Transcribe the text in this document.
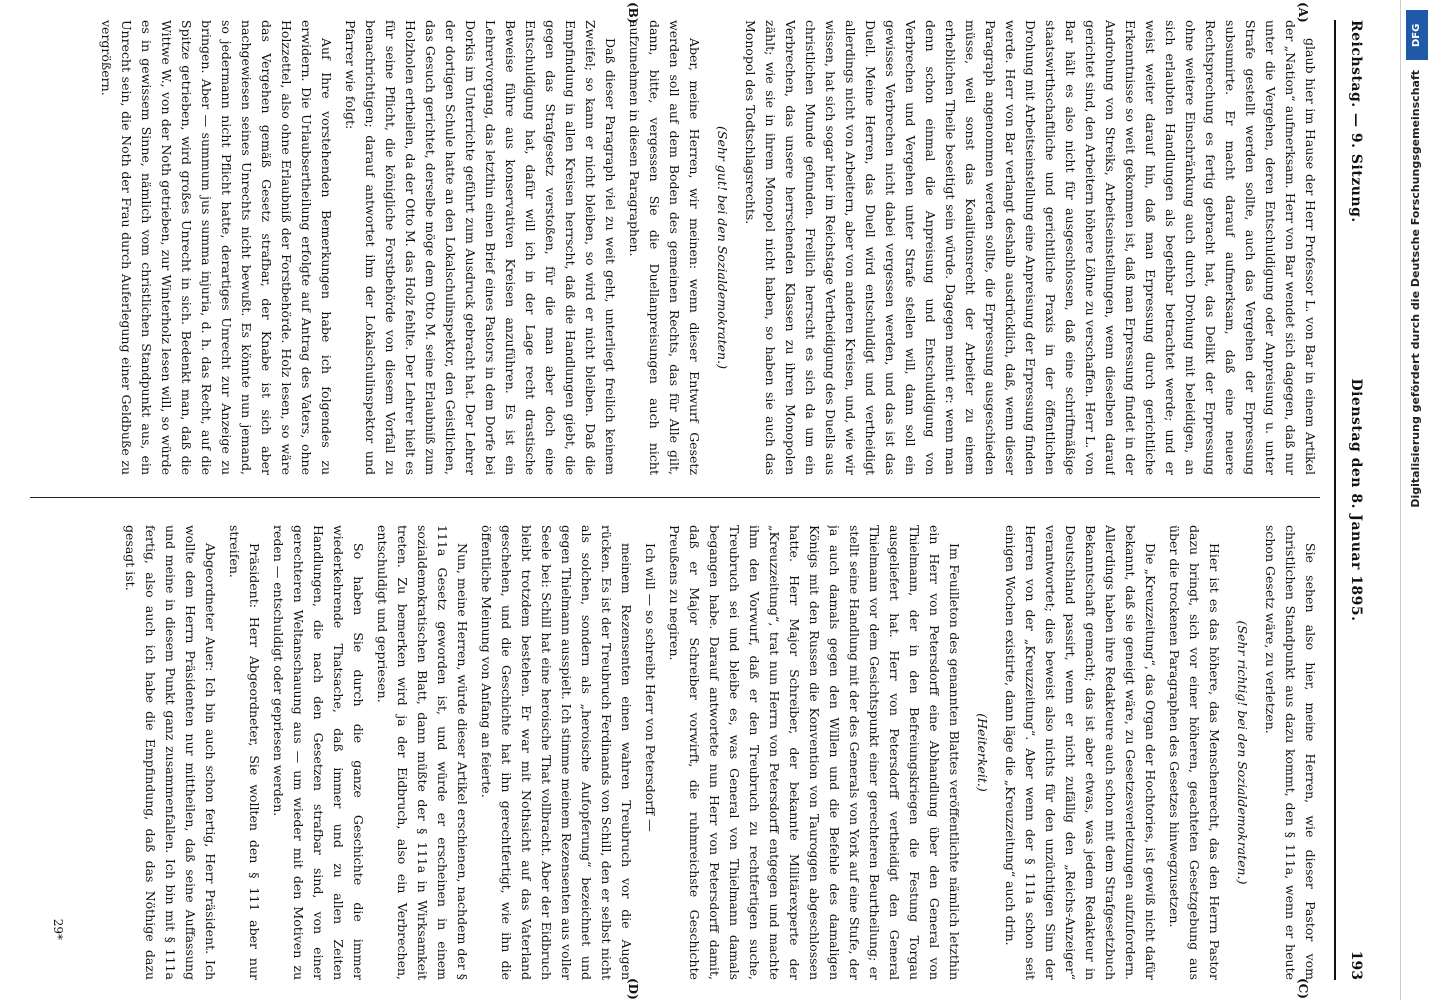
Reichstag. — 9. Sitzung.
Dienstag den 8. Januar 1895.
193
(A)
(B)
(C)
(D)

glaub hier im Hause der Herr Professor L. von Bar in einem Artikel der „Nation“ aufmerksam. Herr von Bar wendet sich dagegen, daß nur unter die Vergehen, deren Entschuldigung oder Anpreisung u. unter Strafe gestellt werden sollte, auch das Vergehen der Erpressung subsumirte. Er macht darauf aufmerksam, daß eine neuere Rechtsprechung es fertig gebracht hat, das Delikt der Erpressung ohne weitere Einschränkung auch durch Drohung mit beleidigen, an sich erlaubten Handlungen als begehbar betrachtet werde; und er weist weiter darauf hin, daß man Erpressung durch gerichtliche Erkenntnisse so weit gekommen ist, daß man Erpressung findet in der Androhung von Streiks, Arbeitseinstellungen, wenn dieselben darauf gerichtet sind, den Arbeitern höhere Löhne zu verschaffen. Herr L. von Bar hält es also nicht für ausgeschlossen, daß eine schriftmäßige staatswirthschaftliche und gerichtliche Praxis in der öffentlichen Drohung mit Arbeitseinstellung eine Anpreisung der Erpressung finden werde. Herr von Bar verlangt deshalb ausdrücklich, daß, wenn dieser Paragraph angenommen werden sollte, die Erpressung ausgeschieden müsse, weil sonst das Koalitionsrecht der Arbeiter zu einem erheblichen Theile beseitigt sein würde. Dagegen meint er: wenn man denn schon einmal die Anpreisung und Entschuldigung von Verbrechen und Vergehen unter Strafe stellen will, dann soll ein gewisses Verbrechen nicht dabei vergessen werden, und das ist das Duell. Meine Herren, das Duell wird entschuldigt und vertheidigt allerdings nicht von Arbeitern, aber von anderen Kreisen, und, wie wir wissen, hat sich sogar hier im Reichstage Vertheidigung des Duells aus christlichen Munde gefunden. Freilich herrscht es sich da um ein Verbrechen, das unsere herrschenden Klassen zu ihren Monopolen zählt; wie sie in ihrem Monopol nicht haben, so haben sie auch das Monopol des Todtschlagsrechts.

(Sehr gut! bei den Sozialdemokraten.)

Aber, meine Herren, wir meinen: wenn dieser Entwurf Gesetz werden soll auf dem Boden des gemeinen Rechts, das für Alle gilt, dann, bitte, vergessen Sie die Duellanpreisungen auch nicht aufzunehmen in diesen Paragraphen.

Daß dieser Paragraph viel zu weit geht, unterliegt freilich keinem Zweifel; so kann er nicht bleiben, so wird er nicht bleiben. Daß die Empfindung in allen Kreisen herrscht, daß die Handlungen giebt, die gegen das Strafgesetz verstoßen, für die man aber doch eine Entschuldigung hat, dafür will ich in der Lage recht drastische Beweise führe aus konservativen Kreisen anzuführen. Es ist ein Lehrervorgang, das letzthin einen Brief eines Pastors in dem Dorfe bei Dorkis im Unterrichte geführt zum Ausdruck gebracht hat. Der Lehrer der dortigen Schule hatte an den Lokalschulinspektor, den Geistlichen, das Gesuch gerichtet, derselbe möge dem Otto M. seine Erlaubniß zum Holzholen ertheilen, da der Otto M. das Holz fehlte. Der Lehrer hielt es für seine Pflicht, die königliche Forstbehörde von diesem Vorfall zu benachrichtigen; darauf antwortet ihm der Lokalschulinspektor und Pfarrer wie folgt:

Auf Ihre vorstehenden Bemerkungen habe ich folgendes zu erwidern. Die Urlaubsertheilung erfolgte auf Antrag des Vaters, ohne Holzzettel, also ohne Erlaubniß der Forstbehörde. Holz lesen, so wäre das Vergehen gemäß Gesetz strafbar, der Knabe ist sich aber nachgewiesen seines Unrechts nicht bewußt. Es könnte nun jemand, so jedermann nicht Pflicht hatte, derartiges Unrecht zur Anzeige zu bringen. Aber — summum jus summa injuria, d. h. das Recht, auf die Spitze getrieben, wird großes Unrecht in sich. Bedenkt man, daß die Wittwe W., von der Noth getrieben, zur Winterholz lesen will, so würde es in gewissem Sinne, nämlich vom christlichen Standpunkt aus, ein Unrecht sein, die Noth der Frau durch Auferlegung einer Geldbuße zu vergrößern.

Sie sehen also hier, meine Herren, wie dieser Pastor vom christlichen Standpunkt aus dazu kommt, den § 111a, wenn er heute schon Gesetz wäre, zu verletzen.

(Sehr richtig! bei den Sozialdemokraten.)

Hier ist es das höhere, das Menschenrecht, das den Herrn Pastor dazu bringt, sich vor einer höheren, geachteten Gesetzgebung aus über die trockenen Paragraphen des Gesetzes hinwegzusetzen.

Die „Kreuzzeitung“, das Organ der Hochtories, ist gewiß nicht dafür bekannt, daß sie geneigt wäre, zu Gesetzesverletzungen aufzufordern. Allerdings haben ihre Redakteure auch schon mit dem Strafgesetzbuch Bekanntschaft gemacht; das ist aber etwas, was jedem Redakteur in Deutschland passirt, wenn er nicht zufällig den „Reichs-Anzeiger“ verantwortet; dies beweist also nichts für den unzüchtigen Sinn der Herren von der „Kreuzzeitung“. Aber wenn der § 111a schon seit einigen Wochen existirte, dann läge die „Kreuzzeitung“ auch drin.

(Heiterkeit.)

Im Feuilleton des genannten Blattes veröffentlichte nämlich letzthin ein Herr von Petersdorff eine Abhandlung über den General von Thielmann, der in den Befreiungskriegen die Festung Torgau ausgeliefert hat. Herr von Petersdorff vertheidigt den General Thielmann vor dem Gesichtspunkt einer gerechteren Beurtheilung; er stellt seine Handlung mit der des Generals von York auf eine Stufe, der ja auch damals gegen den Willen und die Befehle des damaligen Königs mit den Russen die Konvention von Tauroggen abgeschlossen hatte. Herr Major Schreiber, der bekannte Militärexperte der „Kreuzzeitung“, trat nun Herrn von Petersdorff entgegen und machte ihm den Vorwurf, daß er den Treubruch zu rechtfertigen suche, Treubruch sei und bleibe es, was General von Thielmann damals begangen habe. Darauf antwortete nun Herr von Petersdorff damit, daß er Major Schreiber vorwirft, die ruhmreichste Geschichte Preußens zu negiren.

Ich will — so schreibt Herr von Petersdorff —

meinem Rezensenten einen wahren Treubruch vor die Augen rücken. Es ist der Treubruch Ferdinands von Schill, den er selbst nicht als solchen, sondern als „heroische Aufopferung“ bezeichnet und gegen Thielmann ausspielt. Ich stimme meinem Rezensenten aus voller Seele bei: Schill hat eine heroische That vollbracht. Aber der Eidbruch bleibt trotzdem bestehen. Er war mit Nothsicht auf das Vaterland geschehen, und die Geschichte hat ihn gerechtfertigt, wie ihn die öffentliche Meinung von Anfang an feierte.

Nun, meine Herren, würde dieser Artikel erschienen, nachdem der § 111a Gesetz geworden ist, und würde er erscheinen in einem sozialdemokratischen Blatt, dann müßte der § 111a in Wirksamkeit treten. Zu bemerken wird ja der Eidbruch, also ein Verbrechen, entschuldigt und gepriesen.

So haben Sie durch die ganze Geschichte die immer wiederkehrende Thatsache, daß immer und zu allen Zeiten Handlungen, die nach den Gesetzen strafbar sind, von einer gerechteren Weltanschauung aus — um wieder mit den Motiven zu reden — entschuldigt oder gepriesen werden.

Präsident: Herr Abgeordneter, Sie wollten den § 111 aber nur streifen.

Abgeordneter Auer: Ich bin auch schon fertig, Herr Präsident. Ich wollte dem Herrn Präsidenten nur mittheilen, daß seine Auffassung und meine in diesem Punkt ganz zusammenfallen. Ich bin mit § 111a fertig, also auch ich habe die Empfindung, daß das Nöthige dazu gesagt ist.

29*
DFG
Digitalisierung gefördert durch die Deutsche Forschungsgemeinschaft
